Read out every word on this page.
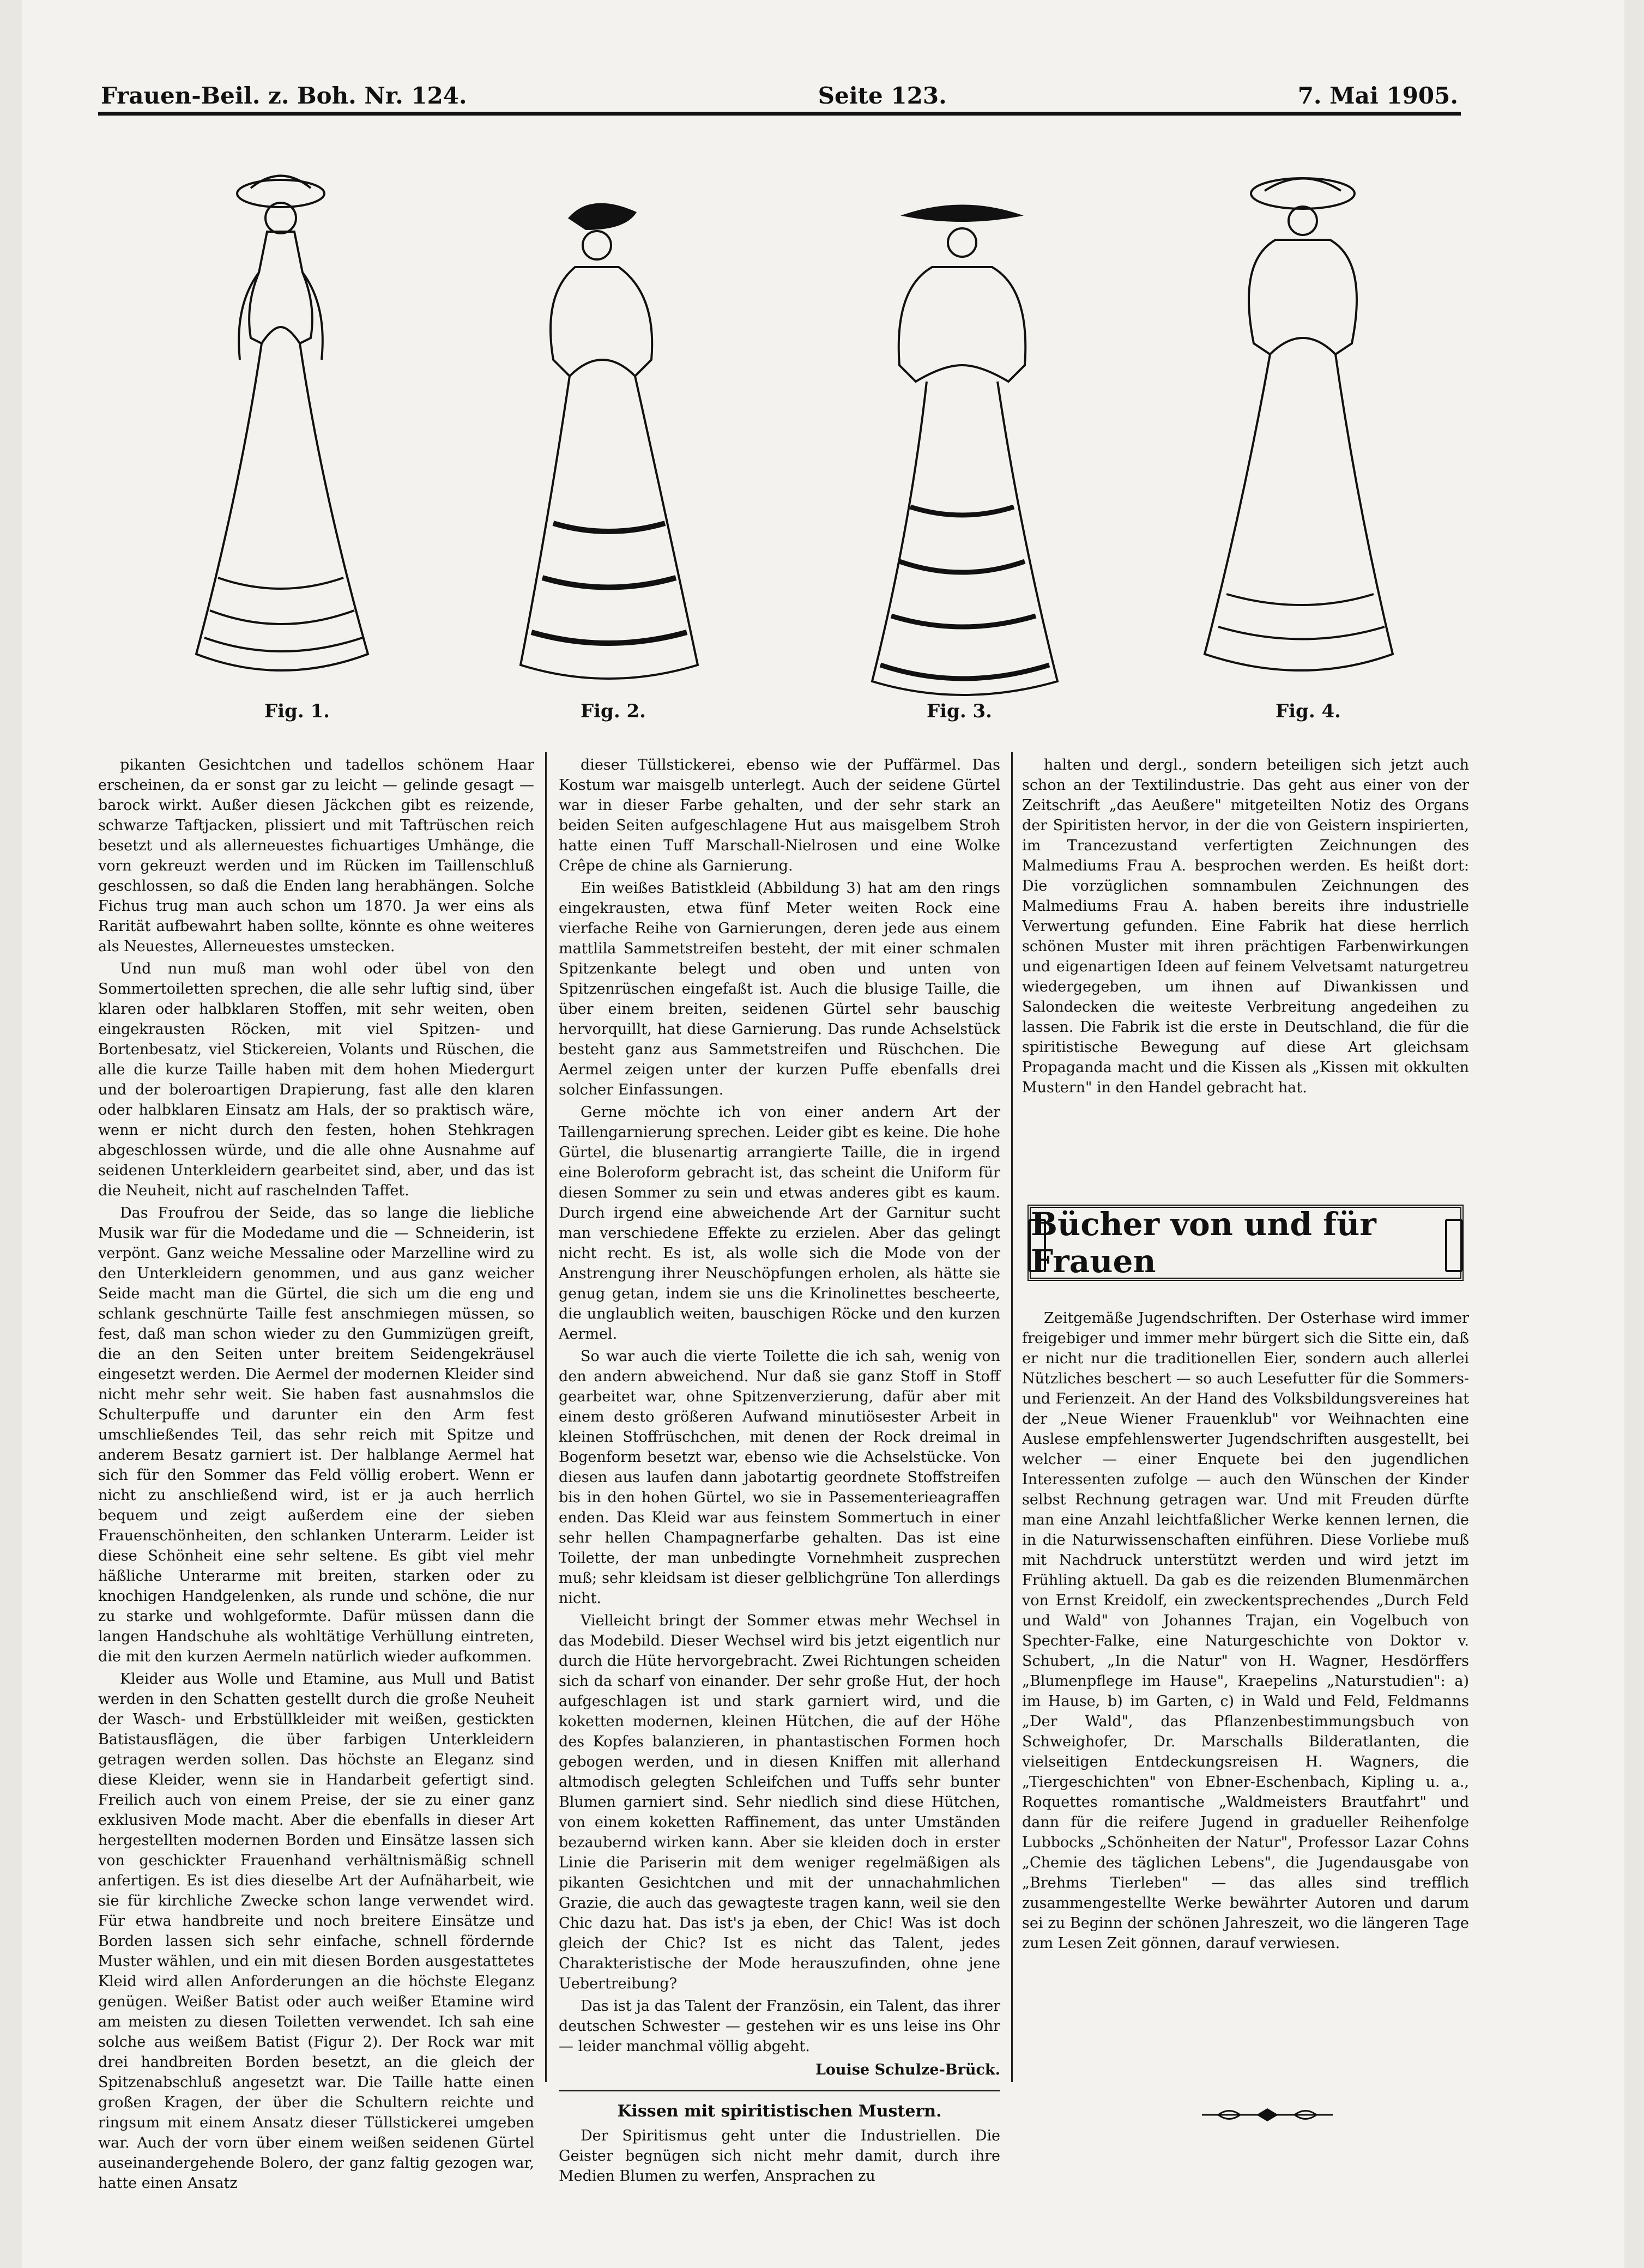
Frauen-Beil. z. Boh. Nr. 124.	Seite 123.	7. Mai 1905.
Fig. 1.	Fig. 2.	Fig. 3.	Fig. 4.

pikanten Gesichtchen und tadellos schönem Haar erscheinen, da er sonst gar zu leicht — gelinde gesagt — barock wirkt. Außer diesen Jäckchen gibt es reizende, schwarze Taftjacken, plissiert und mit Taftrüschen reich besetzt und als allerneuestes fichuartiges Umhänge, die vorn gekreuzt werden und im Rücken im Taillenschluß geschlossen, so daß die Enden lang herabhängen. Solche Fichus trug man auch schon um 1870. Ja wer eins als Rarität aufbewahrt haben sollte, könnte es ohne weiteres als Neuestes, Allerneuestes umstecken.

Und nun muß man wohl oder übel von den Sommertoiletten sprechen, die alle sehr luftig sind, über klaren oder halbklaren Stoffen, mit sehr weiten, oben eingekrausten Röcken, mit viel Spitzen- und Bortenbesatz, viel Stickereien, Volants und Rüschen, die alle die kurze Taille haben mit dem hohen Miedergurt und der boleroartigen Drapierung, fast alle den klaren oder halbklaren Einsatz am Hals, der so praktisch wäre, wenn er nicht durch den festen, hohen Stehkragen abgeschlossen würde, und die alle ohne Ausnahme auf seidenen Unterkleidern gearbeitet sind, aber, und das ist die Neuheit, nicht auf raschelnden Taffet.

Das Froufrou der Seide, das so lange die liebliche Musik war für die Modedame und die — Schneiderin, ist verpönt. Ganz weiche Messaline oder Marzelline wird zu den Unterkleidern genommen, und aus ganz weicher Seide macht man die Gürtel, die sich um die eng und schlank geschnürte Taille fest anschmiegen müssen, so fest, daß man schon wieder zu den Gummizügen greift, die an den Seiten unter breitem Seidengekräusel eingesetzt werden. Die Aermel der modernen Kleider sind nicht mehr sehr weit. Sie haben fast ausnahmslos die Schulterpuffe und darunter ein den Arm fest umschließendes Teil, das sehr reich mit Spitze und anderem Besatz garniert ist. Der halblange Aermel hat sich für den Sommer das Feld völlig erobert. Wenn er nicht zu anschließend wird, ist er ja auch herrlich bequem und zeigt außerdem eine der sieben Frauenschönheiten, den schlanken Unterarm. Leider ist diese Schönheit eine sehr seltene. Es gibt viel mehr häßliche Unterarme mit breiten, starken oder zu knochigen Handgelenken, als runde und schöne, die nur zu starke und wohlgeformte. Dafür müssen dann die langen Handschuhe als wohltätige Verhüllung eintreten, die mit den kurzen Aermeln natürlich wieder aufkommen.

Kleider aus Wolle und Etamine, aus Mull und Batist werden in den Schatten gestellt durch die große Neuheit der Wasch- und Erbstüllkleider mit weißen, gestickten Batistausflägen, die über farbigen Unterkleidern getragen werden sollen. Das höchste an Eleganz sind diese Kleider, wenn sie in Handarbeit gefertigt sind. Freilich auch von einem Preise, der sie zu einer ganz exklusiven Mode macht. Aber die ebenfalls in dieser Art hergestellten modernen Borden und Einsätze lassen sich von geschickter Frauenhand verhältnismäßig schnell anfertigen. Es ist dies dieselbe Art der Aufnäharbeit, wie sie für kirchliche Zwecke schon lange verwendet wird. Für etwa handbreite und noch breitere Einsätze und Borden lassen sich sehr einfache, schnell fördernde Muster wählen, und ein mit diesen Borden ausgestattetes Kleid wird allen Anforderungen an die höchste Eleganz genügen. Weißer Batist oder auch weißer Etamine wird am meisten zu diesen Toiletten verwendet. Ich sah eine solche aus weißem Batist (Figur 2). Der Rock war mit drei handbreiten Borden besetzt, an die gleich der Spitzenabschluß angesetzt war. Die Taille hatte einen großen Kragen, der über die Schultern reichte und ringsum mit einem Ansatz dieser Tüllstickerei umgeben war. Auch der vorn über einem weißen seidenen Gürtel auseinandergehende Bolero, der ganz faltig gezogen war, hatte einen Ansatz

dieser Tüllstickerei, ebenso wie der Puffärmel. Das Kostum war maisgelb unterlegt. Auch der seidene Gürtel war in dieser Farbe gehalten, und der sehr stark an beiden Seiten aufgeschlagene Hut aus maisgelbem Stroh hatte einen Tuff Marschall-Nielrosen und eine Wolke Crêpe de chine als Garnierung.

Ein weißes Batistkleid (Abbildung 3) hat am den rings eingekrausten, etwa fünf Meter weiten Rock eine vierfache Reihe von Garnierungen, deren jede aus einem mattlila Sammetstreifen besteht, der mit einer schmalen Spitzenkante belegt und oben und unten von Spitzenrüschen eingefaßt ist. Auch die blusige Taille, die über einem breiten, seidenen Gürtel sehr bauschig hervorquillt, hat diese Garnierung. Das runde Achselstück besteht ganz aus Sammetstreifen und Rüschchen. Die Aermel zeigen unter der kurzen Puffe ebenfalls drei solcher Einfassungen.

Gerne möchte ich von einer andern Art der Taillengarnierung sprechen. Leider gibt es keine. Die hohe Gürtel, die blusenartig arrangierte Taille, die in irgend eine Boleroform gebracht ist, das scheint die Uniform für diesen Sommer zu sein und etwas anderes gibt es kaum. Durch irgend eine abweichende Art der Garnitur sucht man verschiedene Effekte zu erzielen. Aber das gelingt nicht recht. Es ist, als wolle sich die Mode von der Anstrengung ihrer Neuschöpfungen erholen, als hätte sie genug getan, indem sie uns die Krinolinettes bescheerte, die unglaublich weiten, bauschigen Röcke und den kurzen Aermel.

So war auch die vierte Toilette die ich sah, wenig von den andern abweichend. Nur daß sie ganz Stoff in Stoff gearbeitet war, ohne Spitzenverzierung, dafür aber mit einem desto größeren Aufwand minutiösester Arbeit in kleinen Stoffrüschchen, mit denen der Rock dreimal in Bogenform besetzt war, ebenso wie die Achselstücke. Von diesen aus laufen dann jabotartig geordnete Stoffstreifen bis in den hohen Gürtel, wo sie in Passementerieagraffen enden. Das Kleid war aus feinstem Sommertuch in einer sehr hellen Champagnerfarbe gehalten. Das ist eine Toilette, der man unbedingte Vornehmheit zusprechen muß; sehr kleidsam ist dieser gelblichgrüne Ton allerdings nicht.

Vielleicht bringt der Sommer etwas mehr Wechsel in das Modebild. Dieser Wechsel wird bis jetzt eigentlich nur durch die Hüte hervorgebracht. Zwei Richtungen scheiden sich da scharf von einander. Der sehr große Hut, der hoch aufgeschlagen ist und stark garniert wird, und die koketten modernen, kleinen Hütchen, die auf der Höhe des Kopfes balanzieren, in phantastischen Formen hoch gebogen werden, und in diesen Kniffen mit allerhand altmodisch gelegten Schleifchen und Tuffs sehr bunter Blumen garniert sind. Sehr niedlich sind diese Hütchen, von einem koketten Raffinement, das unter Umständen bezaubernd wirken kann. Aber sie kleiden doch in erster Linie die Pariserin mit dem weniger regelmäßigen als pikanten Gesichtchen und mit der unnachahmlichen Grazie, die auch das gewagteste tragen kann, weil sie den Chic dazu hat. Das ist's ja eben, der Chic! Was ist doch gleich der Chic? Ist es nicht das Talent, jedes Charakteristische der Mode herauszufinden, ohne jene Uebertreibung?

Das ist ja das Talent der Französin, ein Talent, das ihrer deutschen Schwester — gestehen wir es uns leise ins Ohr — leider manchmal völlig abgeht.

Louise Schulze-Brück.
Kissen mit spiritistischen Mustern.

Der Spiritismus geht unter die Industriellen. Die Geister begnügen sich nicht mehr damit, durch ihre Medien Blumen zu werfen, Ansprachen zu

halten und dergl., sondern beteiligen sich jetzt auch schon an der Textilindustrie. Das geht aus einer von der Zeitschrift „das Aeußere" mitgeteilten Notiz des Organs der Spiritisten hervor, in der die von Geistern inspirierten, im Trancezustand verfertigten Zeichnungen des Malmediums Frau A. besprochen werden. Es heißt dort: Die vorzüglichen somnambulen Zeichnungen des Malmediums Frau A. haben bereits ihre industrielle Verwertung gefunden. Eine Fabrik hat diese herrlich schönen Muster mit ihren prächtigen Farbenwirkungen und eigenartigen Ideen auf feinem Velvetsamt naturgetreu wiedergegeben, um ihnen auf Diwankissen und Salondecken die weiteste Verbreitung angedeihen zu lassen. Die Fabrik ist die erste in Deutschland, die für die spiritistische Bewegung auf diese Art gleichsam Propaganda macht und die Kissen als „Kissen mit okkulten Mustern" in den Handel gebracht hat.

Bücher von und für Frauen

Zeitgemäße Jugendschriften. Der Osterhase wird immer freigebiger und immer mehr bürgert sich die Sitte ein, daß er nicht nur die traditionellen Eier, sondern auch allerlei Nützliches beschert — so auch Lesefutter für die Sommers- und Ferienzeit. An der Hand des Volksbildungsvereines hat der „Neue Wiener Frauenklub" vor Weihnachten eine Auslese empfehlenswerter Jugendschriften ausgestellt, bei welcher — einer Enquete bei den jugendlichen Interessenten zufolge — auch den Wünschen der Kinder selbst Rechnung getragen war. Und mit Freuden dürfte man eine Anzahl leichtfaßlicher Werke kennen lernen, die in die Naturwissenschaften einführen. Diese Vorliebe muß mit Nachdruck unterstützt werden und wird jetzt im Frühling aktuell. Da gab es die reizenden Blumenmärchen von Ernst Kreidolf, ein zweckentsprechendes „Durch Feld und Wald" von Johannes Trajan, ein Vogelbuch von Spechter-Falke, eine Naturgeschichte von Doktor v. Schubert, „In die Natur" von H. Wagner, Hesdörffers „Blumenpflege im Hause", Kraepelins „Naturstudien": a) im Hause, b) im Garten, c) in Wald und Feld, Feldmanns „Der Wald", das Pflanzenbestimmungsbuch von Schweighofer, Dr. Marschalls Bilderatlanten, die vielseitigen Entdeckungsreisen H. Wagners, die „Tiergeschichten" von Ebner-Eschenbach, Kipling u. a., Roquettes romantische „Waldmeisters Brautfahrt" und dann für die reifere Jugend in gradueller Reihenfolge Lubbocks „Schönheiten der Natur", Professor Lazar Cohns „Chemie des täglichen Lebens", die Jugendausgabe von „Brehms Tierleben" — das alles sind trefflich zusammengestellte Werke bewährter Autoren und darum sei zu Beginn der schönen Jahreszeit, wo die längeren Tage zum Lesen Zeit gönnen, darauf verwiesen.
